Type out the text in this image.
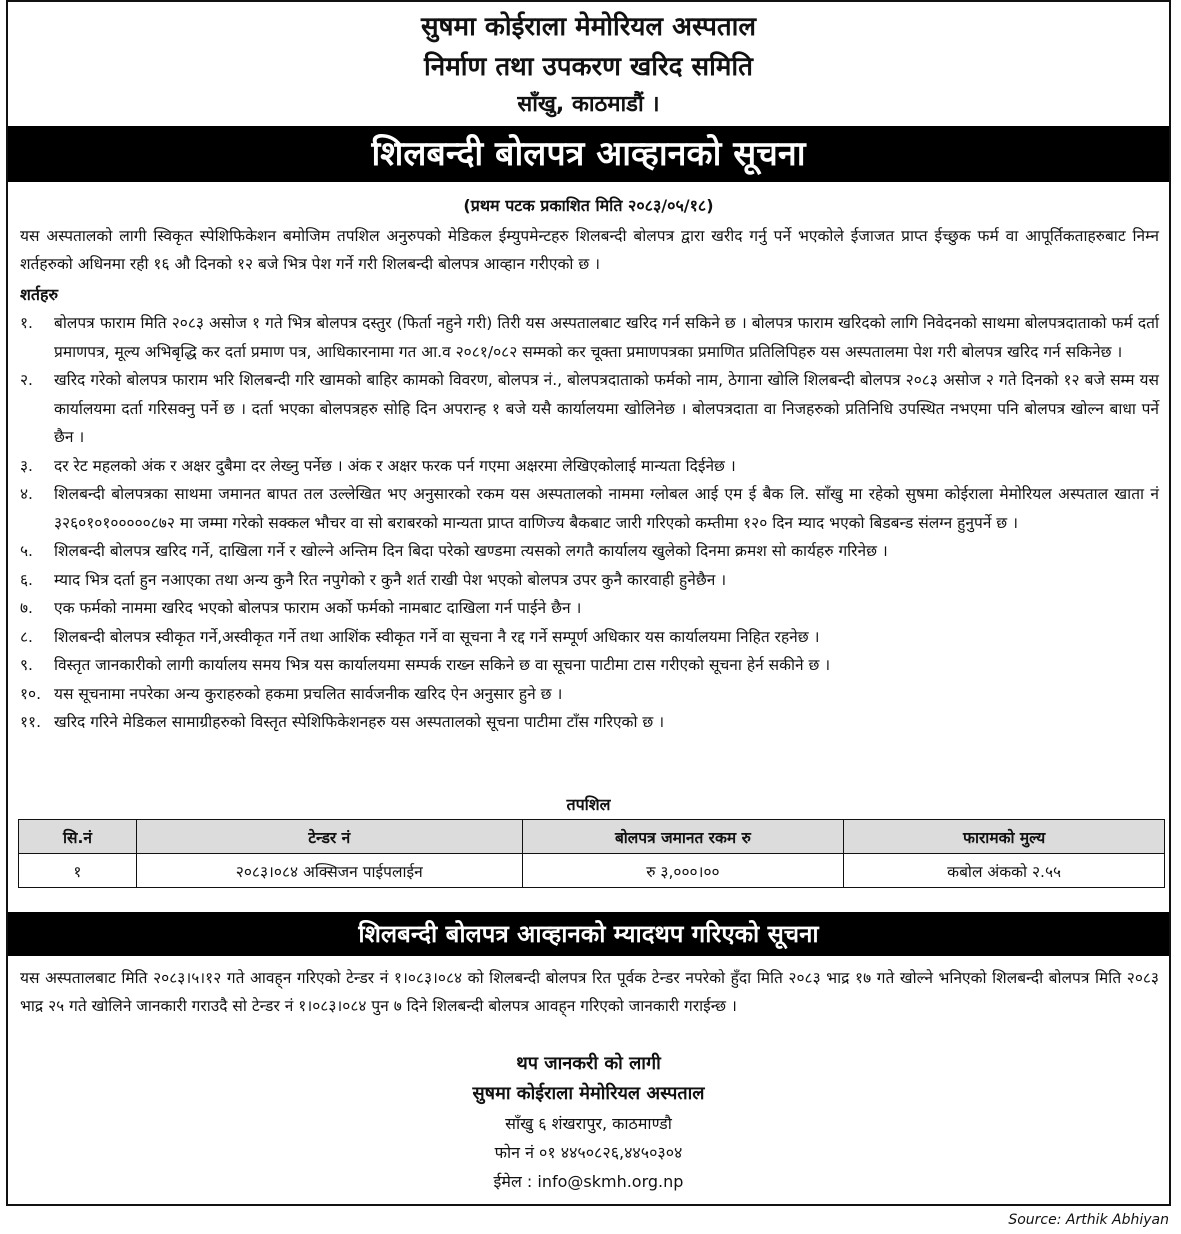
सुषमा कोईराला मेमोरियल अस्पताल
निर्माण तथा उपकरण खरिद समिति
साँखु, काठमाडौं ।
शिलबन्दी बोलपत्र आव्हानको सूचना
(प्रथम पटक प्रकाशित मिति २०८३/०५/१८)
यस अस्पतालको लागी स्विकृत स्पेशिफिकेशन बमोजिम तपशिल अनुरुपको मेडिकल ईम्युपमेन्टहरु शिलबन्दी बोलपत्र द्वारा खरीद गर्नु पर्ने भएकोले ईजाजत प्राप्त ईच्छुक फर्म वा आपूर्तिकताहरुबाट निम्न शर्तहरुको अधिनमा रही १६ औ दिनको १२ बजे भित्र पेश गर्ने गरी शिलबन्दी बोलपत्र आव्हान गरीएको छ ।
शर्तहरु
१.	बोलपत्र फाराम मिति २०८३ असोज १ गते भित्र बोलपत्र दस्तुर (फिर्ता नहुने गरी) तिरी यस अस्पतालबाट खरिद गर्न सकिने छ । बोलपत्र फाराम खरिदको लागि निवेदनको साथमा बोलपत्रदाताको फर्म दर्ता प्रमाणपत्र, मूल्य अभिबृद्धि कर दर्ता प्रमाण पत्र, आधिकारनामा गत आ.व २०८१/०८२ सम्मको कर चूक्ता प्रमाणपत्रका प्रमाणित प्रतिलिपिहरु यस अस्पतालमा पेश गरी बोलपत्र खरिद गर्न सकिनेछ ।
२.	खरिद गरेको बोलपत्र फाराम भरि शिलबन्दी गरि खामको बाहिर कामको विवरण, बोलपत्र नं., बोलपत्रदाताको फर्मको नाम, ठेगाना खोलि शिलबन्दी बोलपत्र २०८३ असोज २ गते दिनको १२ बजे सम्म यस कार्यालयमा दर्ता गरिसक्नु पर्ने छ । दर्ता भएका बोलपत्रहरु सोहि दिन अपरान्ह १ बजे यसै कार्यालयमा खोलिनेछ । बोलपत्रदाता वा निजहरुको प्रतिनिधि उपस्थित नभएमा पनि बोलपत्र खोल्न बाधा पर्ने छैन ।
३.	दर रेट महलको अंक र अक्षर दुबैमा दर लेख्नु पर्नेछ । अंक र अक्षर फरक पर्न गएमा अक्षरमा लेखिएकोलाई मान्यता दिईनेछ ।
४.	शिलबन्दी बोलपत्रका साथमा जमानत बापत तल उल्लेखित भए अनुसारको रकम यस अस्पतालको नाममा ग्लोबल आई एम ई बैक लि. साँखु मा रहेको सुषमा कोईराला मेमोरियल अस्पताल खाता नं ३२६०१०१०००००८७२ मा जम्मा गरेको सक्कल भौचर वा सो बराबरको मान्यता प्राप्त वाणिज्य बैकबाट जारी गरिएको कम्तीमा १२० दिन म्याद भएको बिडबन्ड संलग्न हुनुपर्ने छ ।
५.	शिलबन्दी बोलपत्र खरिद गर्ने, दाखिला गर्ने र खोल्ने अन्तिम दिन बिदा परेको खण्डमा त्यसको लगतै कार्यालय खुलेको दिनमा क्रमश सो कार्यहरु गरिनेछ ।
६.	म्याद भित्र दर्ता हुन नआएका तथा अन्य कुनै रित नपुगेको र कुनै शर्त राखी पेश भएको बोलपत्र उपर कुनै कारवाही हुनेछैन ।
७.	एक फर्मको नाममा खरिद भएको बोलपत्र फाराम अर्को फर्मको नामबाट दाखिला गर्न पाईने छैन ।
८.	शिलबन्दी बोलपत्र स्वीकृत गर्ने,अस्वीकृत गर्ने तथा आशिंक स्वीकृत गर्ने वा सूचना नै रद्द गर्ने सम्पूर्ण अधिकार यस कार्यालयमा निहित रहनेछ ।
९.	विस्तृत जानकारीको लागी कार्यालय समय भित्र यस कार्यालयमा सम्पर्क राख्न सकिने छ वा सूचना पाटीमा टास गरीएको सूचना हेर्न सकीने छ ।
१०. यस सूचनामा नपरेका अन्य कुराहरुको हकमा प्रचलित सार्वजनीक खरिद ऐन अनुसार हुने छ ।
११. खरिद गरिने मेडिकल सामाग्रीहरुको विस्तृत स्पेशिफिकेशनहरु यस अस्पतालको सूचना पाटीमा टाँस गरिएको छ ।
तपशिल
सि.नं	टेन्डर नं	बोलपत्र जमानत रकम रु	फारामको मुल्य
१	२०८३।०८४ अक्सिजन पाईपलाईन	रु ३,०००।००	कबोल अंकको २.५५
शिलबन्दी बोलपत्र आव्हानको म्यादथप गरिएको सूचना
यस अस्पतालबाट मिति २०८३।५।१२ गते आवह्‌न गरिएको टेन्डर नं १।०८३।०८४ को शिलबन्दी बोलपत्र रित पूर्वक टेन्डर नपरेको हुँदा मिति २०८३ भाद्र १७ गते खोल्ने भनिएको शिलबन्दी बोलपत्र मिति २०८३ भाद्र २५ गते खोलिने जानकारी गराउदै सो टेन्डर नं १।०८३।०८४ पुन ७ दिने शिलबन्दी बोलपत्र आवह्‌न गरिएको जानकारी गराईन्छ ।
थप जानकरी को लागी
सुषमा कोईराला मेमोरियल अस्पताल
साँखु ६ शंखरापुर, काठमाण्डौ
फोन नं ०१ ४४५०८२६,४४५०३०४
ईमेल : info@skmh.org.np
Source: Arthik Abhiyan
